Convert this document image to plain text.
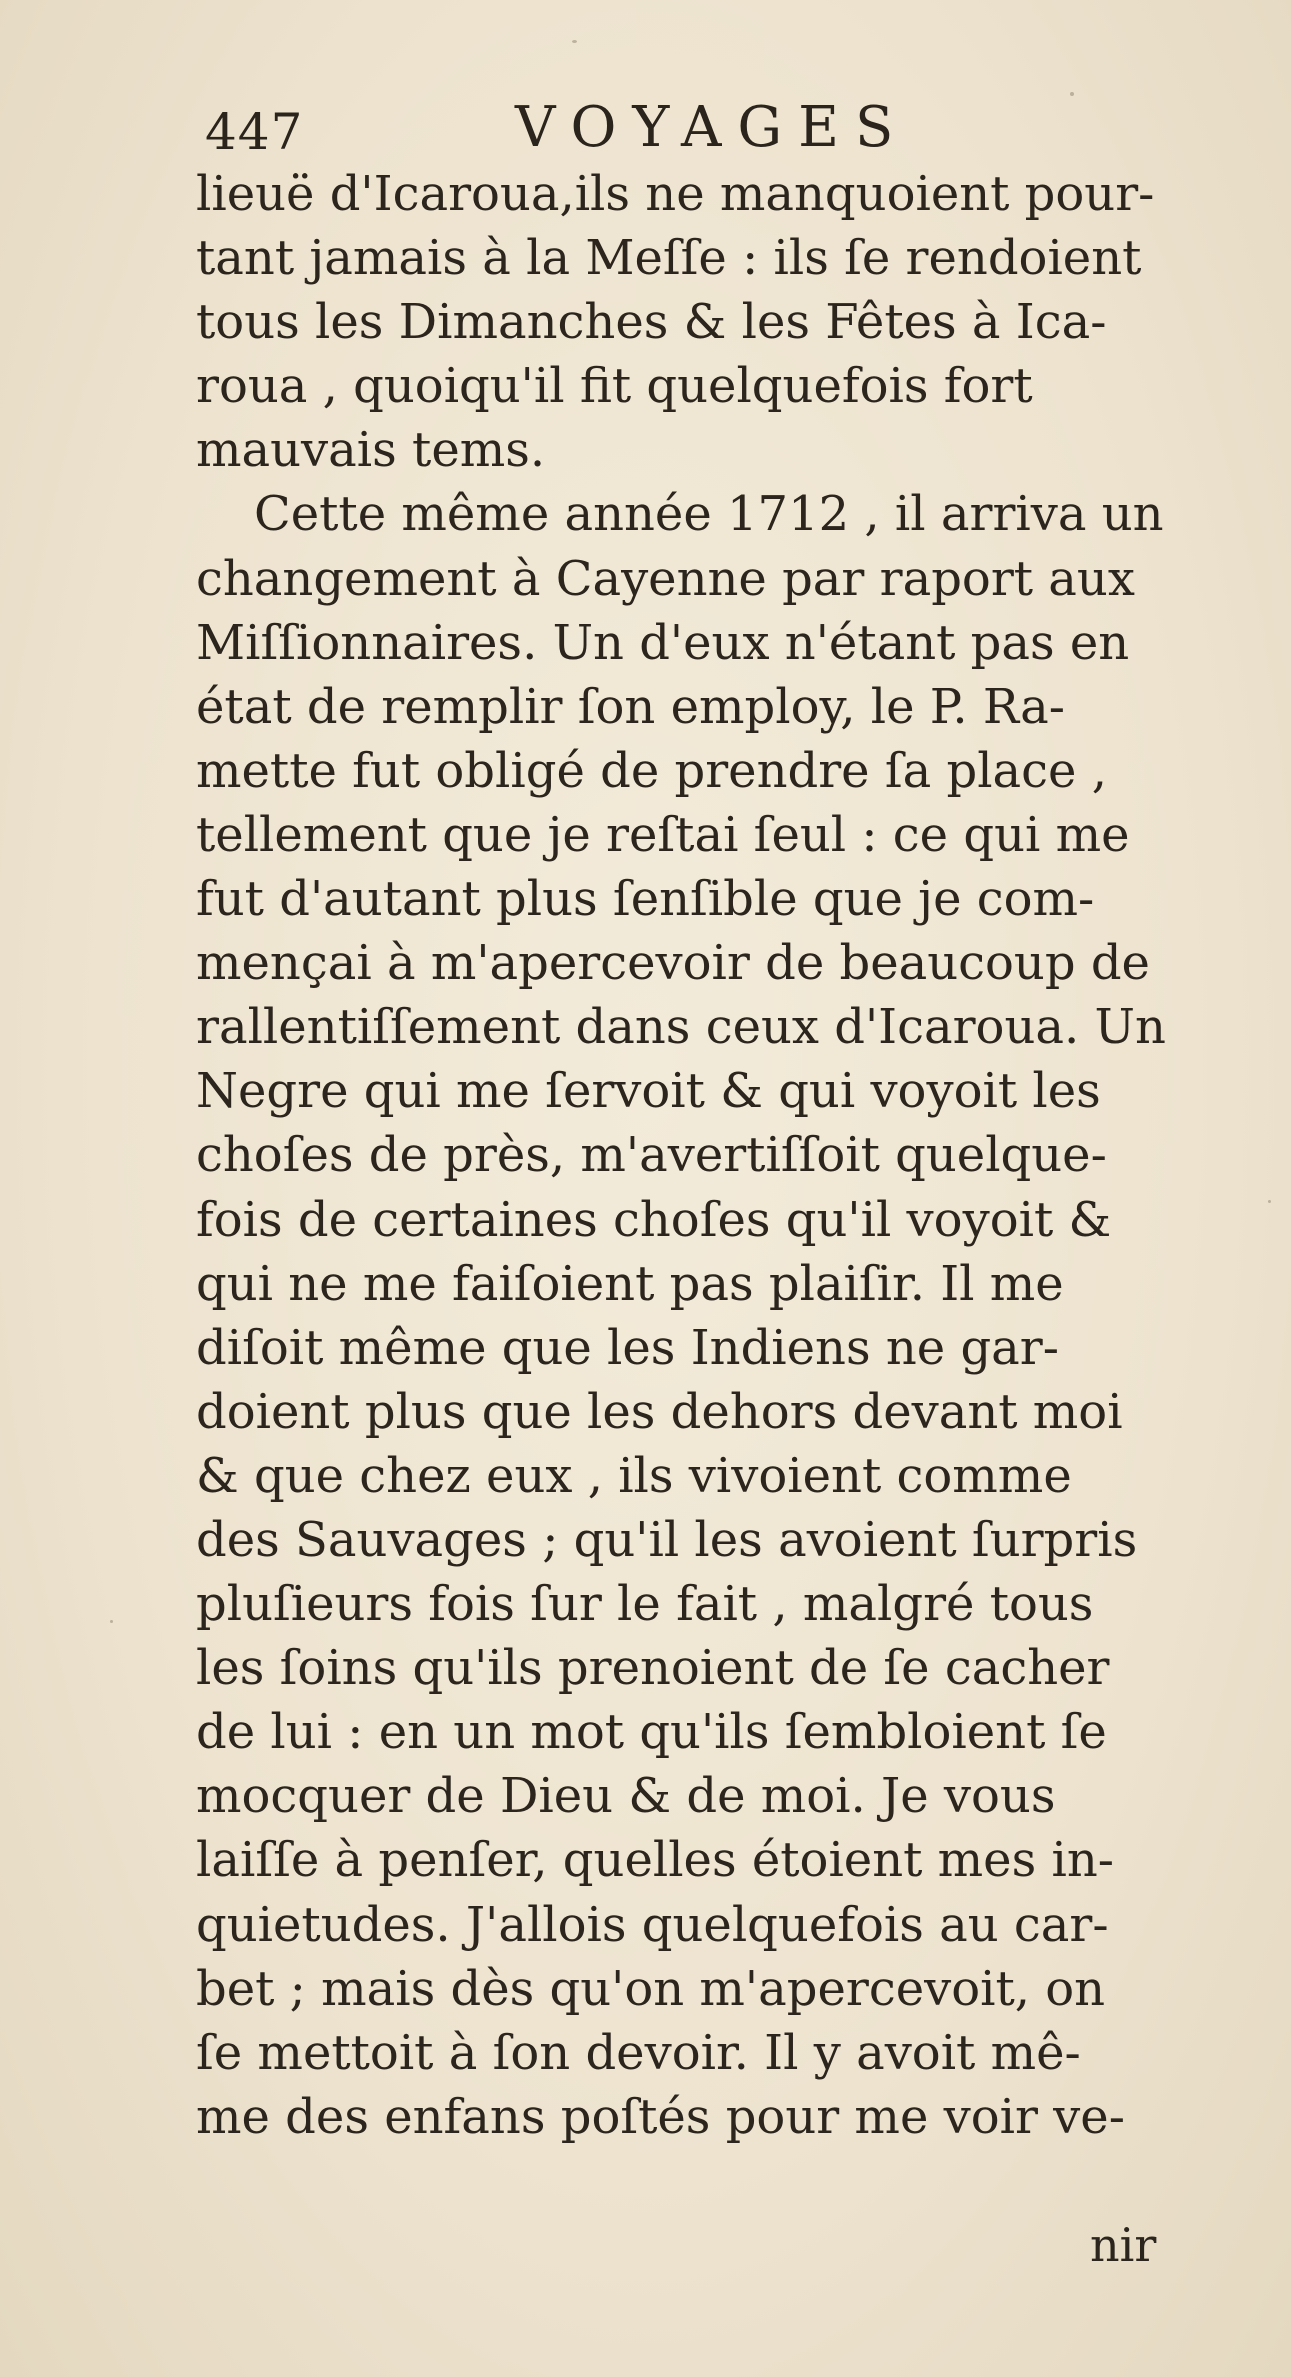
447	VOYAGES
lieuë d'Icaroua,ils ne manquoient pour-
tant jamais à la Meſſe : ils ſe rendoient
tous les Dimanches & les Fêtes à Ica-
roua , quoiqu'il fit quelquefois fort
mauvais tems.
Cette même année 1712 , il arriva un
changement à Cayenne par raport aux
Miſſionnaires. Un d'eux n'étant pas en
état de remplir ſon employ, le P. Ra-
mette fut obligé de prendre ſa place ,
tellement que je reſtai ſeul : ce qui me
fut d'autant plus ſenſible que je com-
mençai à m'apercevoir de beaucoup de
rallentiſſement dans ceux d'Icaroua. Un
Negre qui me ſervoit & qui voyoit les
choſes de près, m'avertiſſoit quelque-
fois de certaines choſes qu'il voyoit &
qui ne me faiſoient pas plaiſir. Il me
diſoit même que les Indiens ne gar-
doient plus que les dehors devant moi
& que chez eux , ils vivoient comme
des Sauvages ; qu'il les avoient ſurpris
pluſieurs fois ſur le fait , malgré tous
les ſoins qu'ils prenoient de ſe cacher
de lui : en un mot qu'ils ſembloient ſe
mocquer de Dieu & de moi. Je vous
laiſſe à penſer, quelles étoient mes in-
quietudes. J'allois quelquefois au car-
bet ; mais dès qu'on m'apercevoit, on
ſe mettoit à ſon devoir. Il y avoit mê-
me des enfans poſtés pour me voir ve-
nir
